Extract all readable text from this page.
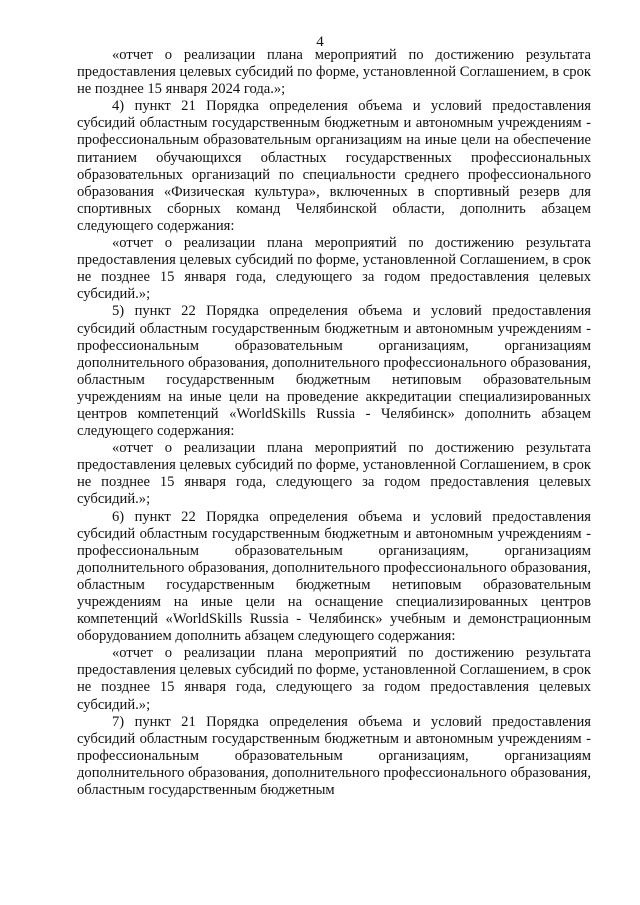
4

«отчет о реализации плана мероприятий по достижению результата предоставления целевых субсидий по форме, установленной Соглашением, в срок не позднее 15 января 2024 года.»;

4) пункт 21 Порядка определения объема и условий предоставления субсидий областным государственным бюджетным и автономным учреждениям - профессиональным образовательным организациям на иные цели на обеспечение питанием обучающихся областных государственных профессиональных образовательных организаций по специальности среднего профессионального образования «Физическая культура», включенных в спортивный резерв для спортивных сборных команд Челябинской области, дополнить абзацем следующего содержания:

«отчет о реализации плана мероприятий по достижению результата предоставления целевых субсидий по форме, установленной Соглашением, в срок не позднее 15 января года, следующего за годом предоставления целевых субсидий.»;

5) пункт 22 Порядка определения объема и условий предоставления субсидий областным государственным бюджетным и автономным учреждениям - профессиональным образовательным организациям, организациям дополнительного образования, дополнительного профессионального образования, областным государственным бюджетным нетиповым образовательным учреждениям на иные цели на проведение аккредитации специализированных центров компетенций «WorldSkills Russia - Челябинск» дополнить абзацем следующего содержания:

«отчет о реализации плана мероприятий по достижению результата предоставления целевых субсидий по форме, установленной Соглашением, в срок не позднее 15 января года, следующего за годом предоставления целевых субсидий.»;

6) пункт 22 Порядка определения объема и условий предоставления субсидий областным государственным бюджетным и автономным учреждениям - профессиональным образовательным организациям, организациям дополнительного образования, дополнительного профессионального образования, областным государственным бюджетным нетиповым образовательным учреждениям на иные цели на оснащение специализированных центров компетенций «WorldSkills Russia - Челябинск» учебным и демонстрационным оборудованием дополнить абзацем следующего содержания:

«отчет о реализации плана мероприятий по достижению результата предоставления целевых субсидий по форме, установленной Соглашением, в срок не позднее 15 января года, следующего за годом предоставления целевых субсидий.»;

7) пункт 21 Порядка определения объема и условий предоставления субсидий областным государственным бюджетным и автономным учреждениям - профессиональным образовательным организациям, организациям дополнительного образования, дополнительного профессионального образования, областным государственным бюджетным
